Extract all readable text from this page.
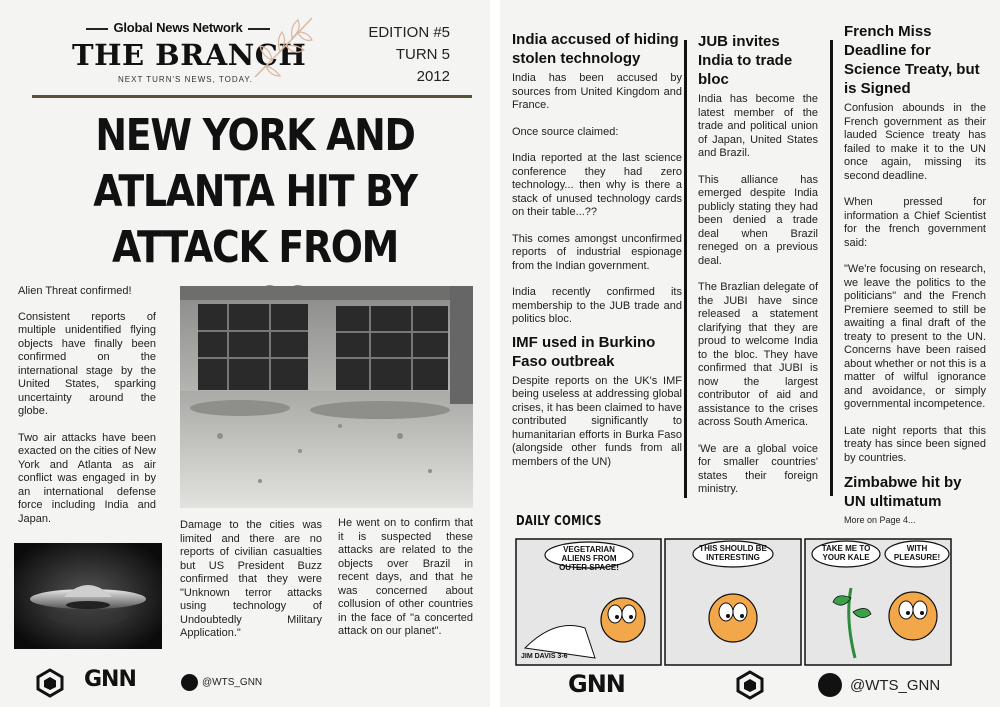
Global News Network
THE BRANCH
NEXT TURN'S NEWS, TODAY.
EDITION #5
TURN 5
2012
NEW YORK AND
ATLANTA HIT BY
ATTACK FROM

Alien Threat confirmed!

Consistent reports of multiple unidentified flying objects have finally been confirmed on the international stage by the United States, sparking uncertainty around the globe.

Two air attacks have been exacted on the cities of New York and Atlanta as air conflict was engaged in by an international defense force including India and Japan.

Damage to the cities was limited and there are no reports of civilian casualties but US President Buzz confirmed that they were "Unknown terror attacks using technology of Undoubtedly Military Application."

He went on to confirm that it is suspected these attacks are related to the objects over Brazil in recent days, and that he was concerned about collusion of other countries in the face of "a concerted attack on our planet".

GNN	@WTS_GNN
India accused of hiding stolen technology

India has been accused by sources from United Kingdom and France.

Once source claimed:

India reported at the last science conference they had zero technology... then why is there a stack of unused technology cards on their table...??

This comes amongst unconfirmed reports of industrial espionage from the Indian government.

India recently confirmed its membership to the JUB trade and politics bloc.

IMF used in Burkino Faso outbreak

Despite reports on the UK's IMF being useless at addressing global crises, it has been claimed to have contributed significantly to humanitarian efforts in Burka Faso (alongside other funds from all members of the UN)

JUB invites India to trade bloc

India has become the latest member of the trade and political union of Japan, United States and Brazil.

This alliance has emerged despite India publicly stating they had been denied a trade deal when Brazil reneged on a previous deal.

The Brazlian delegate of the JUBI have since released a statement clarifying that they are proud to welcome India to the bloc. They have confirmed that JUBI is now the largest contributor of aid and assistance to the crises across South America.

'We are a global voice for smaller countries' states their foreign ministry.

French Miss Deadline for Science Treaty, but is Signed

Confusion abounds in the French government as their lauded Science treaty has failed to make it to the UN once again, missing its second deadline.

When pressed for information a Chief Scientist for the french government said:

"We're focusing on research, we leave the politics to the politicians" and the French Premiere seemed to still be awaiting a final draft of the treaty to present to the UN. Concerns have been raised about whether or not this is a matter of wilful ignorance and avoidance, or simply governmental incompetence.

Late night reports that this treaty has since been signed by countries.

Zimbabwe hit by UN ultimatum
More on Page 4...
DAILY COMICS
VEGETARIAN ALIENS FROM OUTER SPACE!
THIS SHOULD BE INTERESTING
TAKE ME TO YOUR KALE
WITH PLEASURE!
JIM DAVIS 3-6
GNN	@WTS_GNN
